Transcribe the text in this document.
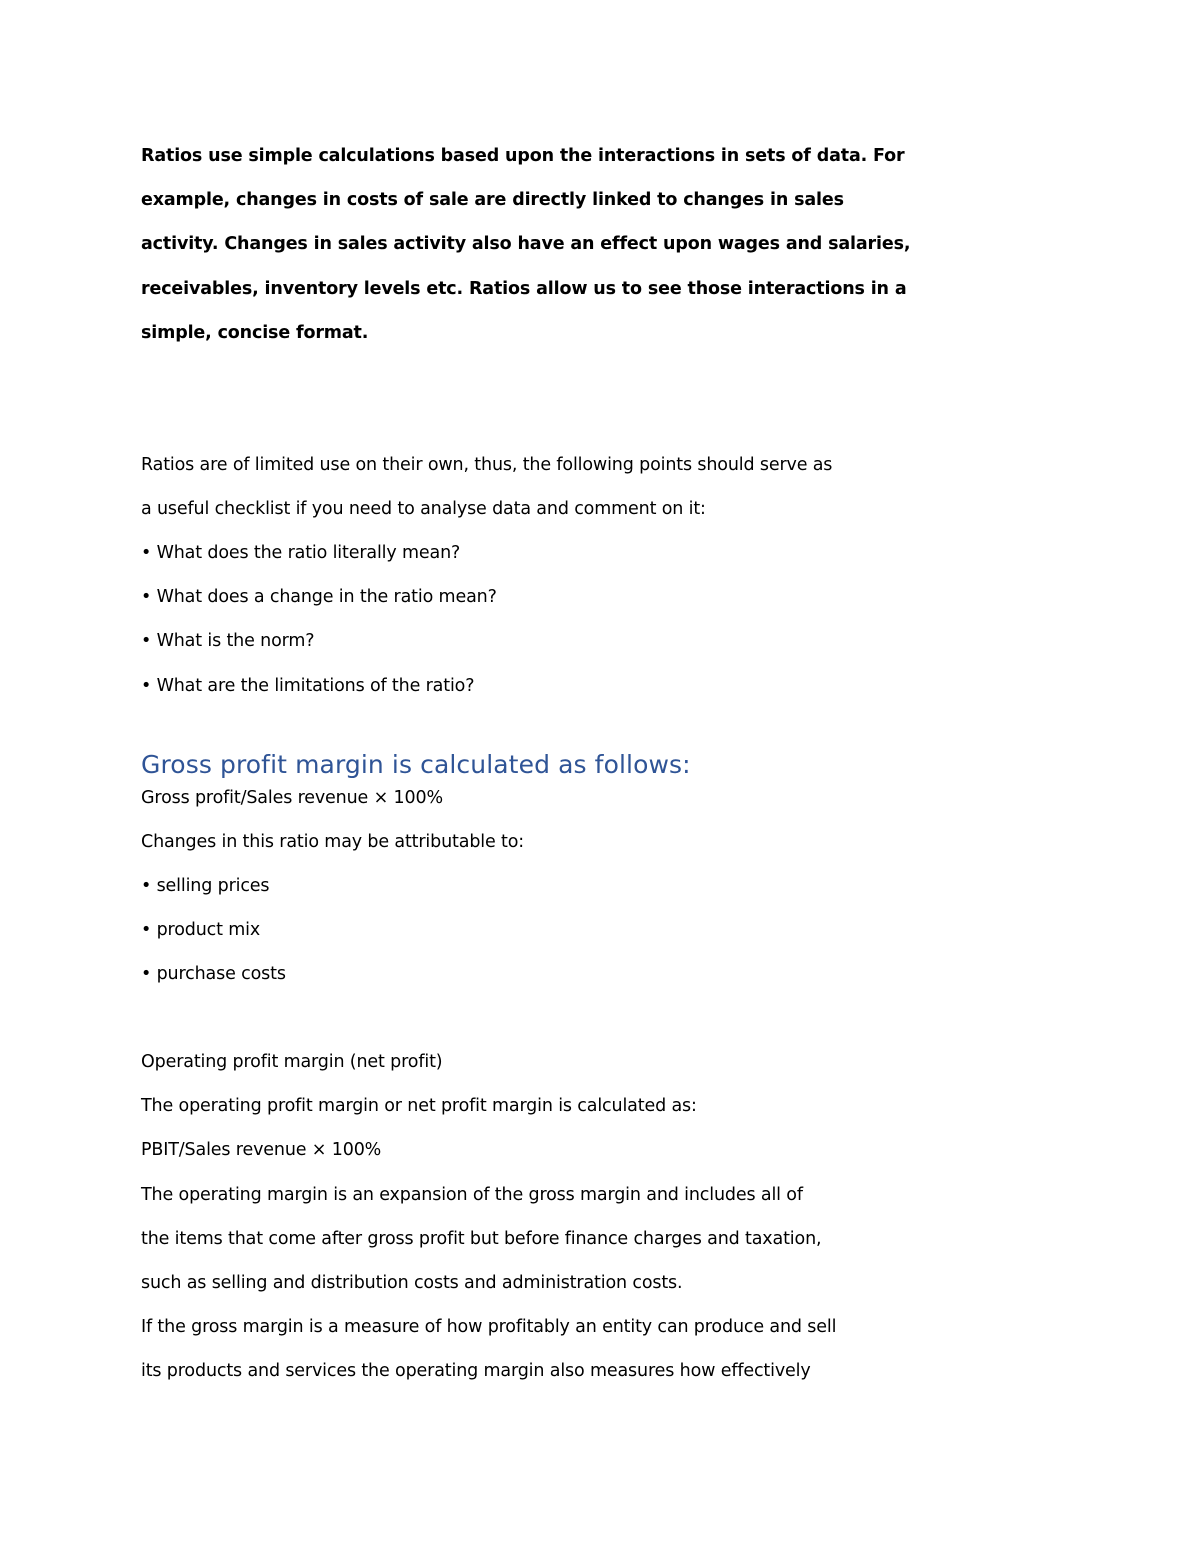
Ratios use simple calculations based upon the interactions in sets of data. For
example, changes in costs of sale are directly linked to changes in sales
activity. Changes in sales activity also have an effect upon wages and salaries,
receivables, inventory levels etc. Ratios allow us to see those interactions in a
simple, concise format.
Ratios are of limited use on their own, thus, the following points should serve as
a useful checklist if you need to analyse data and comment on it:
• What does the ratio literally mean?
• What does a change in the ratio mean?
• What is the norm?
• What are the limitations of the ratio?
Gross profit margin is calculated as follows:
Gross profit/Sales revenue × 100%
Changes in this ratio may be attributable to:
• selling prices
• product mix
• purchase costs
Operating profit margin (net profit)
The operating profit margin or net profit margin is calculated as:
PBIT/Sales revenue × 100%
The operating margin is an expansion of the gross margin and includes all of
the items that come after gross profit but before finance charges and taxation,
such as selling and distribution costs and administration costs.
If the gross margin is a measure of how profitably an entity can produce and sell
its products and services the operating margin also measures how effectively
